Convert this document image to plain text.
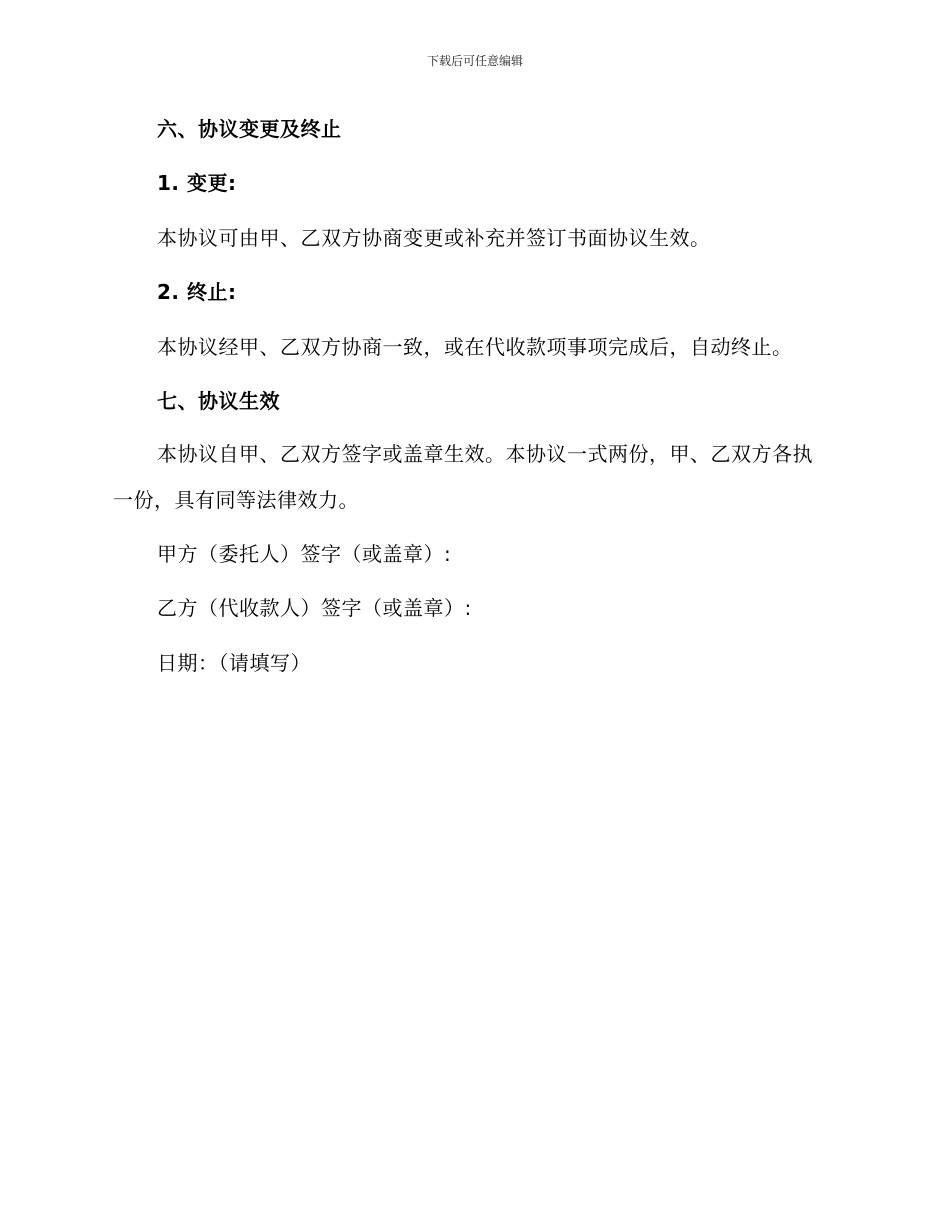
下载后可任意编辑
六、协议变更及终止
1. 变更:
本协议可由甲、乙双方协商变更或补充并签订书面协议生效。
2. 终止:
本协议经甲、乙双方协商一致，或在代收款项事项完成后，自动终止。
七、协议生效
本协议自甲、乙双方签字或盖章生效。本协议一式两份，甲、乙双方各执一份，具有同等法律效力。
甲方（委托人）签字（或盖章）:
乙方（代收款人）签字（或盖章）:
日期：（请填写）
